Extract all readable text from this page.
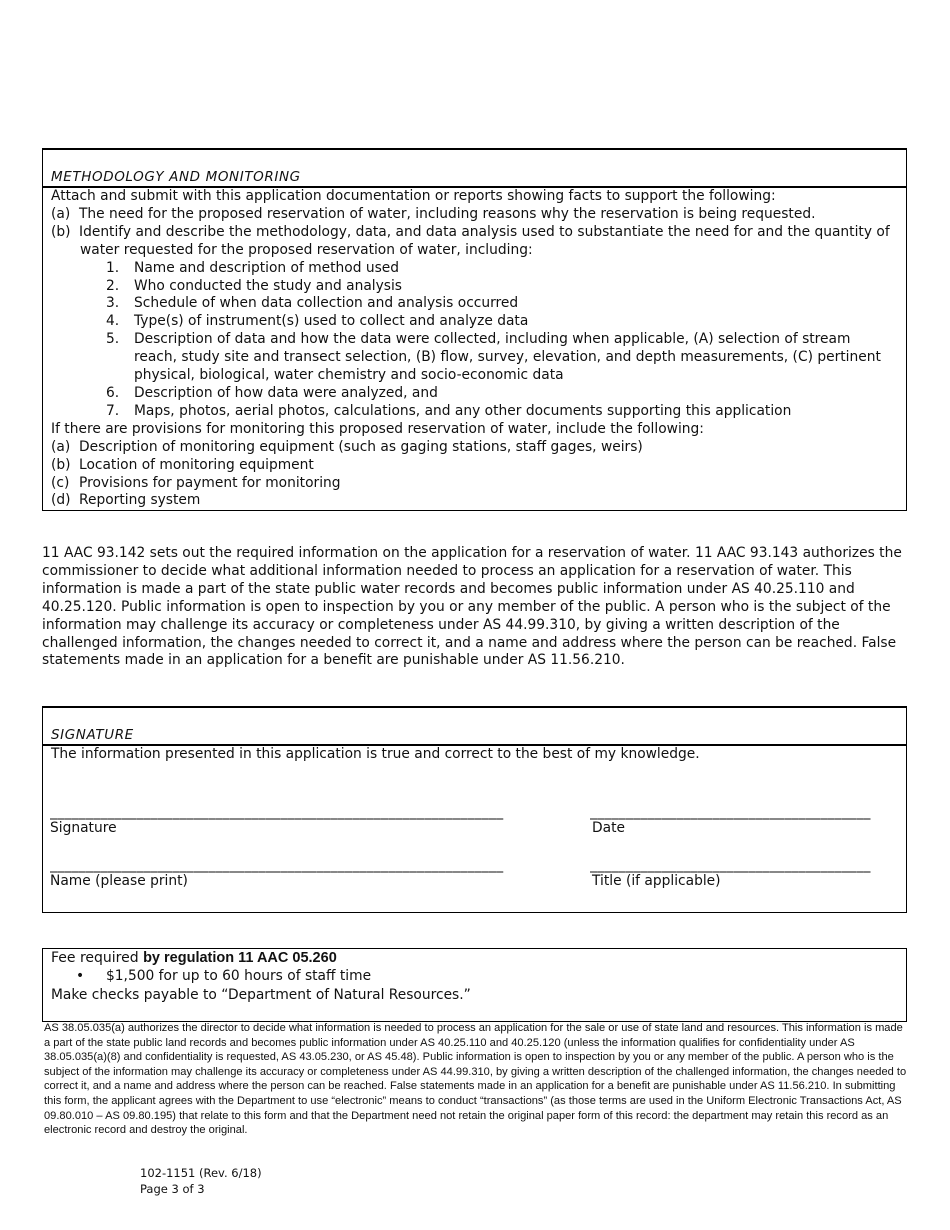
METHODOLOGY AND MONITORING
Attach and submit with this application documentation or reports showing facts to support the following:
(a) The need for the proposed reservation of water, including reasons why the reservation is being requested.
(b) Identify and describe the methodology, data, and data analysis used to substantiate the need for and the quantity of
water requested for the proposed reservation of water, including:
1.	Name and description of method used
2.	Who conducted the study and analysis
3.	Schedule of when data collection and analysis occurred
4.	Type(s) of instrument(s) used to collect and analyze data
5.	Description of data and how the data were collected, including when applicable, (A) selection of stream reach, study site and transect selection, (B) flow, survey, elevation, and depth measurements, (C) pertinent physical, biological, water chemistry and socio-economic data
6.	Description of how data were analyzed, and
7.	Maps, photos, aerial photos, calculations, and any other documents supporting this application
If there are provisions for monitoring this proposed reservation of water, include the following:
(a) Description of monitoring equipment (such as gaging stations, staff gages, weirs)
(b) Location of monitoring equipment
(c) Provisions for payment for monitoring
(d) Reporting system
11 AAC 93.142 sets out the required information on the application for a reservation of water. 11 AAC 93.143 authorizes the commissioner to decide what additional information needed to process an application for a reservation of water. This information is made a part of the state public water records and becomes public information under AS 40.25.110 and 40.25.120. Public information is open to inspection by you or any member of the public. A person who is the subject of the information may challenge its accuracy or completeness under AS 44.99.310, by giving a written description of the challenged information, the changes needed to correct it, and a name and address where the person can be reached. False statements made in an application for a benefit are punishable under AS 11.56.210.
SIGNATURE
The information presented in this application is true and correct to the best of my knowledge.
_______________________________________________________________	_______________________________________
Signature	Date
_______________________________________________________________	_______________________________________
Name (please print)	Title (if applicable)
Fee required by regulation 11 AAC 05.260
• $1,500 for up to 60 hours of staff time
Make checks payable to “Department of Natural Resources.”
AS 38.05.035(a) authorizes the director to decide what information is needed to process an application for the sale or use of state land and resources. This information is made a part of the state public land records and becomes public information under AS 40.25.110 and 40.25.120 (unless the information qualifies for confidentiality under AS 38.05.035(a)(8) and confidentiality is requested, AS 43.05.230, or AS 45.48). Public information is open to inspection by you or any member of the public. A person who is the subject of the information may challenge its accuracy or completeness under AS 44.99.310, by giving a written description of the challenged information, the changes needed to correct it, and a name and address where the person can be reached. False statements made in an application for a benefit are punishable under AS 11.56.210. In submitting this form, the applicant agrees with the Department to use “electronic” means to conduct “transactions” (as those terms are used in the Uniform Electronic Transactions Act, AS 09.80.010 – AS 09.80.195) that relate to this form and that the Department need not retain the original paper form of this record: the department may retain this record as an electronic record and destroy the original.
102-1151 (Rev. 6/18)
Page 3 of 3
